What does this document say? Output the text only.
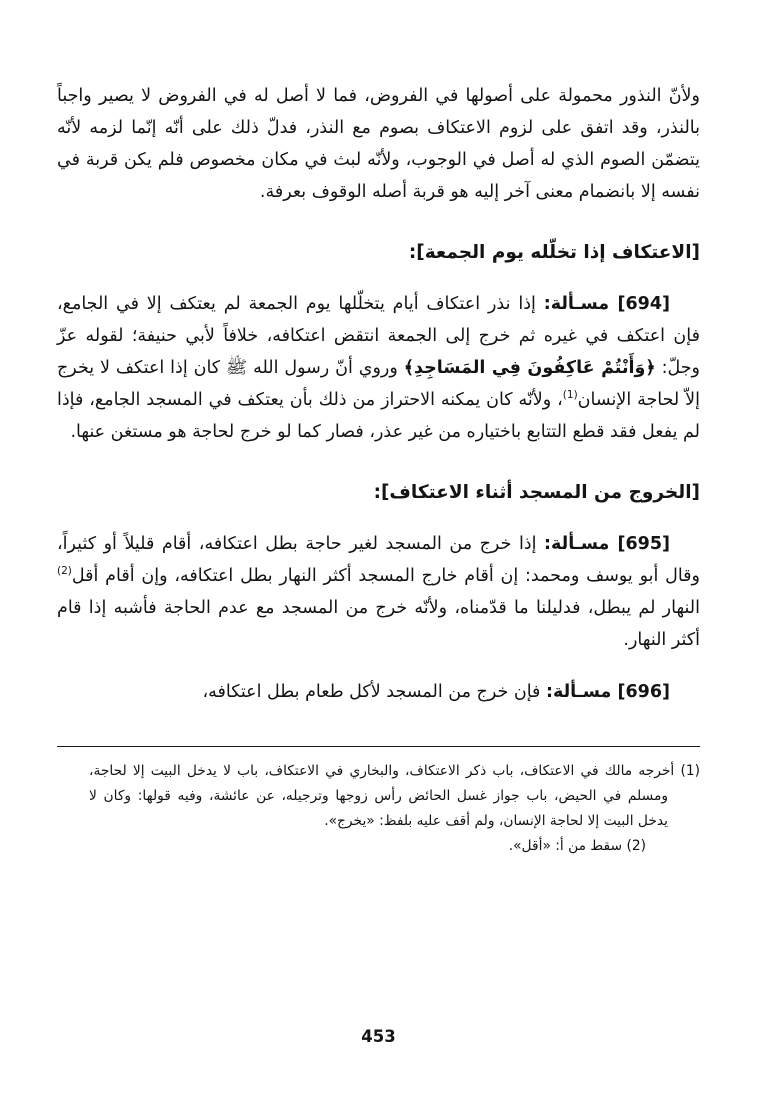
ولأنّ النذور محمولة على أصولها في الفروض، فما لا أصل له في الفروض لا يصير واجباً بالنذر، وقد اتفق على لزوم الاعتكاف بصوم مع النذر، فدلّ ذلك على أنّه إنّما لزمه لأنّه يتضمّن الصوم الذي له أصل في الوجوب، ولأنّه لبث في مكان مخصوص فلم يكن قربة في نفسه إلا بانضمام معنى آخر إليه هو قربة أصله الوقوف بعرفة.

[الاعتكاف إذا تخلّله يوم الجمعة]:

[694] مسـألة: إذا نذر اعتكاف أيام يتخلّلها يوم الجمعة لم يعتكف إلا في الجامع، فإن اعتكف في غيره ثم خرج إلى الجمعة انتقض اعتكافه، خلافاً لأبي حنيفة؛ لقوله عزّ وجلّ: ﴿وَأَنْتُمْ عَاكِفُونَ فِي المَسَاجِدِ﴾ وروي أنّ رسول الله ﷺ كان إذا اعتكف لا يخرج إلاّ لحاجة الإنسان$^{(1)}$، ولأنّه كان يمكنه الاحتراز من ذلك بأن يعتكف في المسجد الجامع، فإذا لم يفعل فقد قطع التتابع باختياره من غير عذر، فصار كما لو خرج لحاجة هو مستغن عنها.

[الخروج من المسجد أثناء الاعتكاف]:

[695] مسـألة: إذا خرج من المسجد لغير حاجة بطل اعتكافه، أقام قليلاً أو كثيراً، وقال أبو يوسف ومحمد: إن أقام خارج المسجد أكثر النهار بطل اعتكافه، وإن أقام أقل$^{(2)}$ النهار لم يبطل، فدليلنا ما قدّمناه، ولأنّه خرج من المسجد مع عدم الحاجة فأشبه إذا قام أكثر النهار.

[696] مسـألة: فإن خرج من المسجد لأكل طعام بطل اعتكافه،

(1) أخرجه مالك في الاعتكاف، باب ذكر الاعتكاف، والبخاري في الاعتكاف، باب لا يدخل البيت إلا لحاجة، ومسلم في الحيض، باب جواز غسل الحائض رأس زوجها وترجيله، عن عائشة، وفيه قولها: وكان لا يدخل البيت إلا لحاجة الإنسان، ولم أقف عليه بلفظ: «يخرج».

(2) سقط من أ: «أقل».

453
